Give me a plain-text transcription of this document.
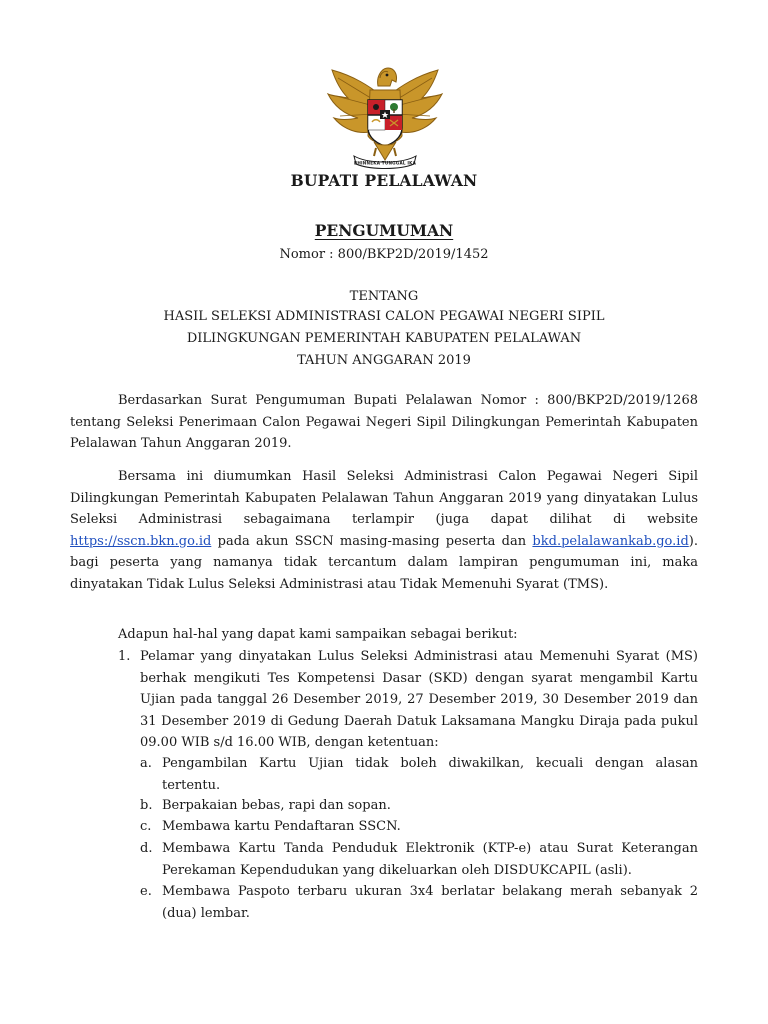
BHINNEKA TUNGGAL IKA
BUPATI PELALAWAN
PENGUMUMAN
Nomor : 800/BKP2D/2019/1452
TENTANG
HASIL SELEKSI ADMINISTRASI CALON PEGAWAI NEGERI SIPIL
DILINGKUNGAN PEMERINTAH KABUPATEN PELALAWAN
TAHUN ANGGARAN 2019
Berdasarkan Surat Pengumuman Bupati Pelalawan Nomor : 800/BKP2D/2019/1268 tentang Seleksi Penerimaan Calon Pegawai Negeri Sipil Dilingkungan Pemerintah Kabupaten Pelalawan Tahun Anggaran 2019.
Bersama ini diumumkan Hasil Seleksi Administrasi Calon Pegawai Negeri Sipil Dilingkungan Pemerintah Kabupaten Pelalawan Tahun Anggaran 2019 yang dinyatakan Lulus Seleksi Administrasi sebagaimana terlampir (juga dapat dilihat di website https://sscn.bkn.go.id pada akun SSCN masing-masing peserta dan bkd.pelalawankab.go.id). bagi peserta yang namanya tidak tercantum dalam lampiran pengumuman ini, maka dinyatakan Tidak Lulus Seleksi Administrasi atau Tidak Memenuhi Syarat (TMS).
Adapun hal-hal yang dapat kami sampaikan sebagai berikut:
1. Pelamar yang dinyatakan Lulus Seleksi Administrasi atau Memenuhi Syarat (MS) berhak mengikuti Tes Kompetensi Dasar (SKD) dengan syarat mengambil Kartu Ujian pada tanggal 26 Desember 2019, 27 Desember 2019, 30 Desember 2019 dan 31 Desember 2019 di Gedung Daerah Datuk Laksamana Mangku Diraja pada pukul 09.00 WIB s/d 16.00 WIB, dengan ketentuan:
a. Pengambilan Kartu Ujian tidak boleh diwakilkan, kecuali dengan alasan tertentu.
b. Berpakaian bebas, rapi dan sopan.
c. Membawa kartu Pendaftaran SSCN.
d. Membawa Kartu Tanda Penduduk Elektronik (KTP-e) atau Surat Keterangan Perekaman Kependudukan yang dikeluarkan oleh DISDUKCAPIL (asli).
e. Membawa Paspoto terbaru ukuran 3x4 berlatar belakang merah sebanyak 2 (dua) lembar.
